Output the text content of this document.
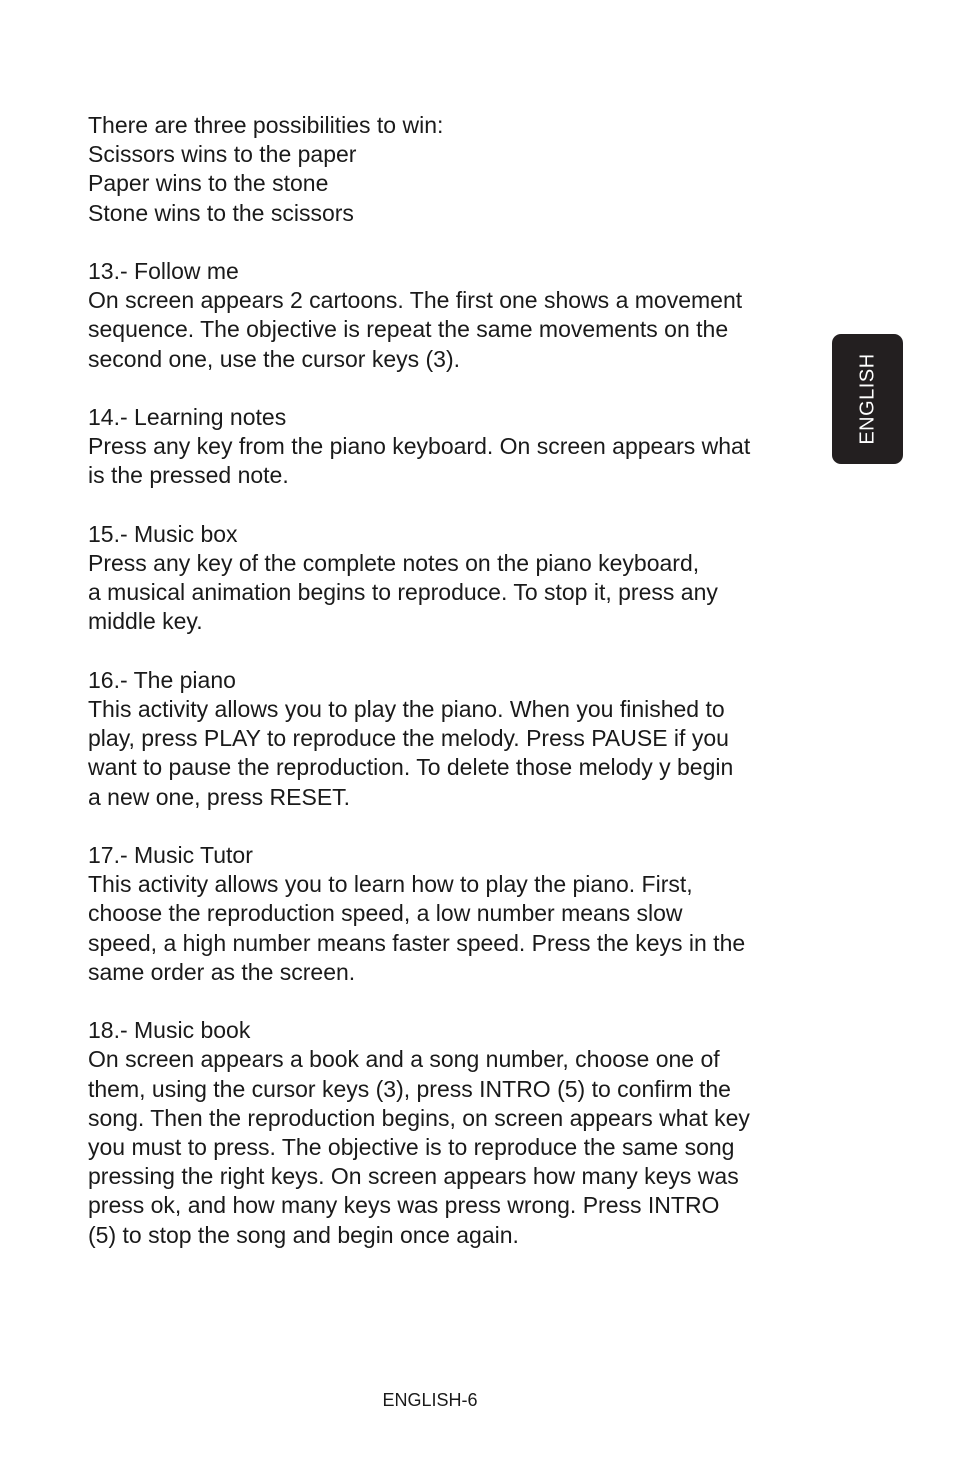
There are three possibilities to win:
Scissors wins to the paper
Paper wins to the stone
Stone wins to the scissors
13.- Follow me
On screen appears 2 cartoons. The first one shows a movement
sequence. The objective is repeat the same movements on the
second one, use the cursor keys (3).
14.- Learning notes
Press any key from the piano keyboard. On screen appears what
is the pressed note.
15.- Music box
Press any key of the complete notes on the piano keyboard,
a musical animation begins to reproduce. To stop it, press any
middle key.
16.- The piano
This activity allows you to play the piano. When you finished to
play, press PLAY to reproduce the melody. Press PAUSE if you
want to pause the reproduction. To delete those melody y begin
a new one, press RESET.
17.- Music Tutor
This activity allows you to learn how to play the piano. First,
choose the reproduction speed, a low number means slow
speed, a high number means faster speed. Press the keys in the
same order as the screen.
18.- Music book
On screen appears a book and a song number, choose one of
them, using the cursor keys (3), press INTRO (5) to confirm the
song. Then the reproduction begins, on screen appears what key
you must to press. The objective is to reproduce the same song
pressing the right keys. On screen appears how many keys was
press ok, and how many keys was press wrong. Press INTRO
(5) to stop the song and begin once again.
ENGLISH
ENGLISH-6
